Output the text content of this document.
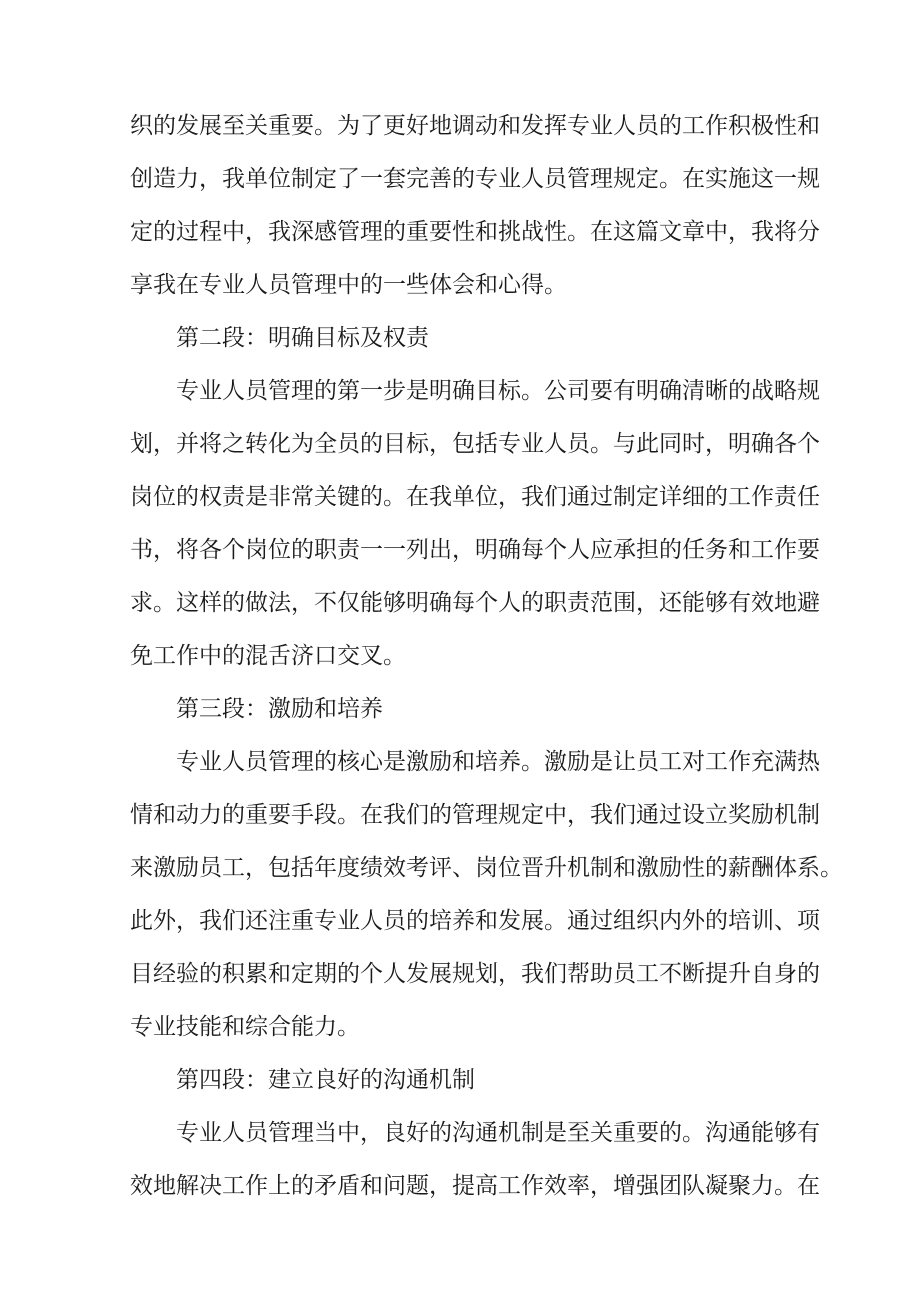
织的发展至关重要。为了更好地调动和发挥专业人员的工作积极性和
创造力，我单位制定了一套完善的专业人员管理规定。在实施这一规
定的过程中，我深感管理的重要性和挑战性。在这篇文章中，我将分
享我在专业人员管理中的一些体会和心得。
第二段：明确目标及权责
专业人员管理的第一步是明确目标。公司要有明确清晰的战略规
划，并将之转化为全员的目标，包括专业人员。与此同时，明确各个
岗位的权责是非常关键的。在我单位，我们通过制定详细的工作责任
书，将各个岗位的职责一一列出，明确每个人应承担的任务和工作要
求。这样的做法，不仅能够明确每个人的职责范围，还能够有效地避
免工作中的混舌济口交叉。
第三段：激励和培养
专业人员管理的核心是激励和培养。激励是让员工对工作充满热
情和动力的重要手段。在我们的管理规定中，我们通过设立奖励机制
来激励员工，包括年度绩效考评、岗位晋升机制和激励性的薪酬体系。
此外，我们还注重专业人员的培养和发展。通过组织内外的培训、项
目经验的积累和定期的个人发展规划，我们帮助员工不断提升自身的
专业技能和综合能力。
第四段：建立良好的沟通机制
专业人员管理当中，良好的沟通机制是至关重要的。沟通能够有
效地解决工作上的矛盾和问题，提高工作效率，增强团队凝聚力。在
